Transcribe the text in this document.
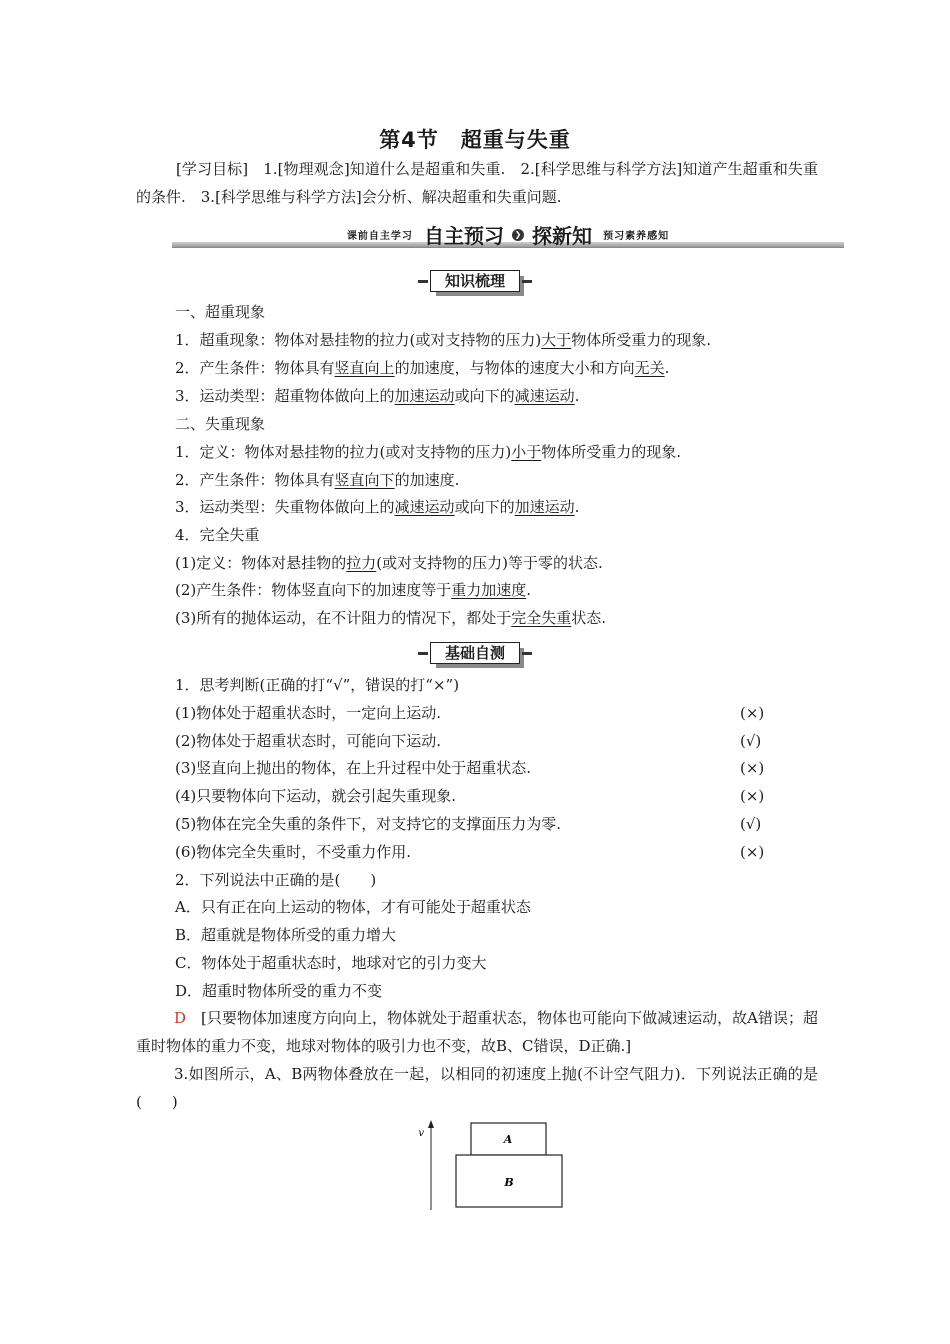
第4节　超重与失重
[学习目标]　1.[物理观念]知道什么是超重和失重.　2.[科学思维与科学方法]知道产生超重和失重的条件.　3.[科学思维与科学方法]会分析、解决超重和失重问题.
课前自主学习 自主预习 ❯ 探新知 预习素养感知
知识梳理
一、超重现象
1．超重现象：物体对悬挂物的拉力(或对支持物的压力)大于物体所受重力的现象.
2．产生条件：物体具有竖直向上的加速度，与物体的速度大小和方向无关.
3．运动类型：超重物体做向上的加速运动或向下的减速运动.
二、失重现象
1．定义：物体对悬挂物的拉力(或对支持物的压力)小于物体所受重力的现象.
2．产生条件：物体具有竖直向下的加速度.
3．运动类型：失重物体做向上的减速运动或向下的加速运动.
4．完全失重
(1)定义：物体对悬挂物的拉力(或对支持物的压力)等于零的状态.
(2)产生条件：物体竖直向下的加速度等于重力加速度.
(3)所有的抛体运动，在不计阻力的情况下，都处于完全失重状态.
基础自测
1．思考判断(正确的打“√”，错误的打“×”)
(1)物体处于超重状态时，一定向上运动.	(×)
(2)物体处于超重状态时，可能向下运动.	(√)
(3)竖直向上抛出的物体，在上升过程中处于超重状态.	(×)
(4)只要物体向下运动，就会引起失重现象.	(×)
(5)物体在完全失重的条件下，对支持它的支撑面压力为零.	(√)
(6)物体完全失重时，不受重力作用.	(×)
2．下列说法中正确的是(　　)
A．只有正在向上运动的物体，才有可能处于超重状态
B．超重就是物体所受的重力增大
C．物体处于超重状态时，地球对它的引力变大
D．超重时物体所受的重力不变
D　 [只要物体加速度方向向上，物体就处于超重状态，物体也可能向下做减速运动，故A错误；超重时物体的重力不变，地球对物体的吸引力也不变，故B、C错误，D正确.]
3.如图所示，A、B两物体叠放在一起，以相同的初速度上抛(不计空气阻力)．下列说法正确的是(　　)
v	A
B
